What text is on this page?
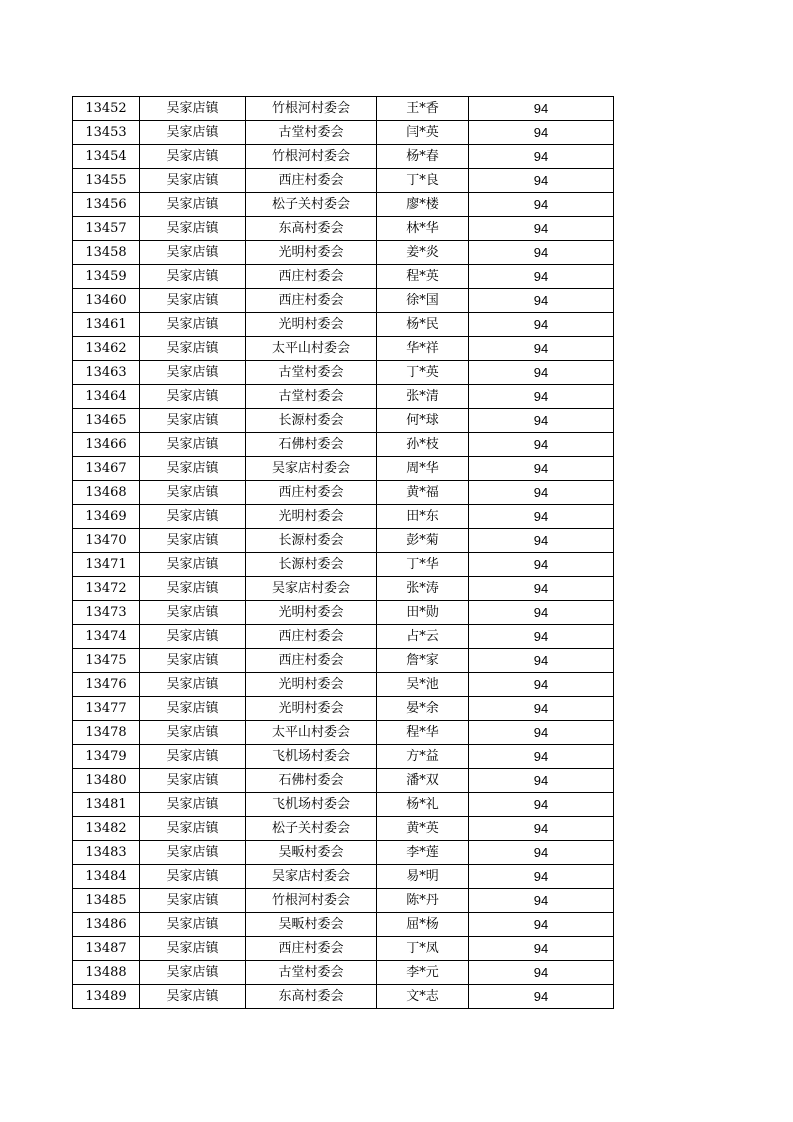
13452	吴家店镇	竹根河村委会	王*香	94
13453	吴家店镇	古堂村委会	闫*英	94
13454	吴家店镇	竹根河村委会	杨*春	94
13455	吴家店镇	西庄村委会	丁*良	94
13456	吴家店镇	松子关村委会	廖*楼	94
13457	吴家店镇	东高村委会	林*华	94
13458	吴家店镇	光明村委会	姜*炎	94
13459	吴家店镇	西庄村委会	程*英	94
13460	吴家店镇	西庄村委会	徐*国	94
13461	吴家店镇	光明村委会	杨*民	94
13462	吴家店镇	太平山村委会	华*祥	94
13463	吴家店镇	古堂村委会	丁*英	94
13464	吴家店镇	古堂村委会	张*清	94
13465	吴家店镇	长源村委会	何*球	94
13466	吴家店镇	石佛村委会	孙*枝	94
13467	吴家店镇	吴家店村委会	周*华	94
13468	吴家店镇	西庄村委会	黄*福	94
13469	吴家店镇	光明村委会	田*东	94
13470	吴家店镇	长源村委会	彭*菊	94
13471	吴家店镇	长源村委会	丁*华	94
13472	吴家店镇	吴家店村委会	张*涛	94
13473	吴家店镇	光明村委会	田*勋	94
13474	吴家店镇	西庄村委会	占*云	94
13475	吴家店镇	西庄村委会	詹*家	94
13476	吴家店镇	光明村委会	吴*池	94
13477	吴家店镇	光明村委会	晏*余	94
13478	吴家店镇	太平山村委会	程*华	94
13479	吴家店镇	飞机场村委会	方*益	94
13480	吴家店镇	石佛村委会	潘*双	94
13481	吴家店镇	飞机场村委会	杨*礼	94
13482	吴家店镇	松子关村委会	黄*英	94
13483	吴家店镇	吴畈村委会	李*莲	94
13484	吴家店镇	吴家店村委会	易*明	94
13485	吴家店镇	竹根河村委会	陈*丹	94
13486	吴家店镇	吴畈村委会	屈*杨	94
13487	吴家店镇	西庄村委会	丁*凤	94
13488	吴家店镇	古堂村委会	李*元	94
13489	吴家店镇	东高村委会	文*志	94
